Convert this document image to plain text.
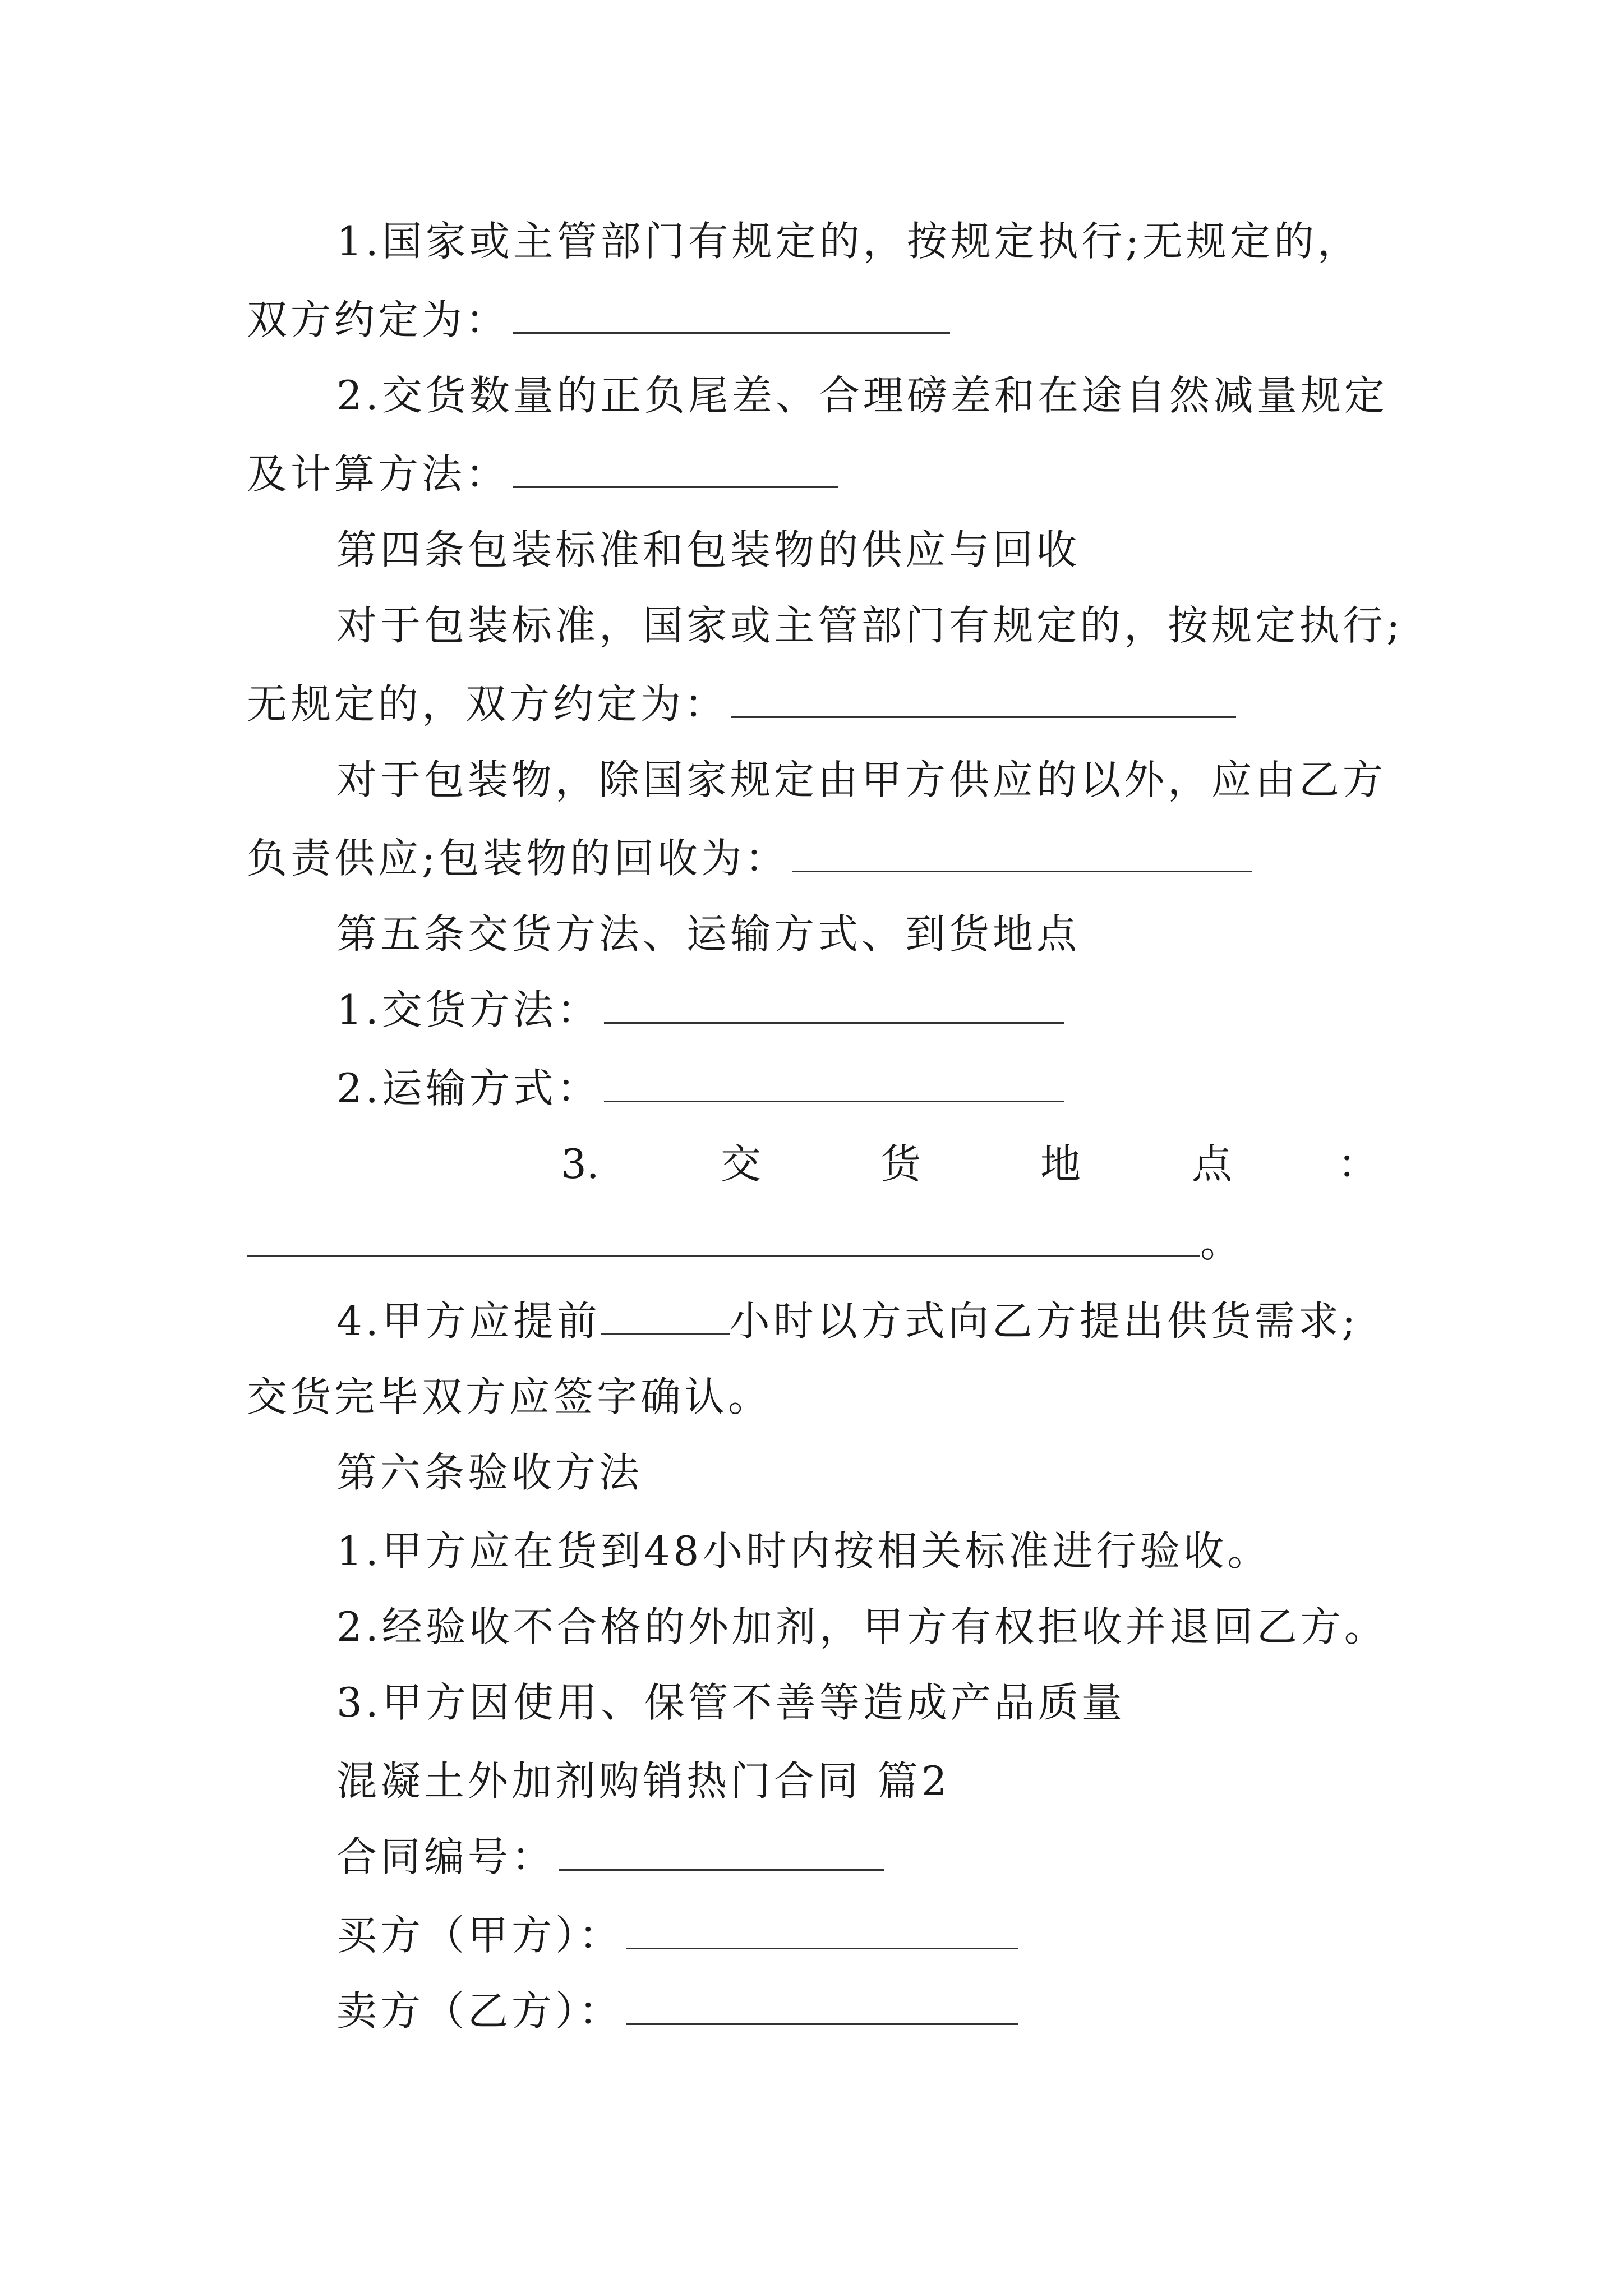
1.国家或主管部门有规定的，按规定执行;无规定的，
双方约定为：
2.交货数量的正负尾差、合理磅差和在途自然减量规定
及计算方法：
第四条包装标准和包装物的供应与回收
对于包装标准，国家或主管部门有规定的，按规定执行;
无规定的，双方约定为：
对于包装物，除国家规定由甲方供应的以外，应由乙方
负责供应;包装物的回收为：
第五条交货方法、运输方式、到货地点
1.交货方法：
2.运输方式：
3.	交	货	地	点	：
。
4.甲方应提前	小时以方式向乙方提出供货需求;
交货完毕双方应签字确认。
第六条验收方法
1.甲方应在货到48小时内按相关标准进行验收。
2.经验收不合格的外加剂，甲方有权拒收并退回乙方。
3.甲方因使用、保管不善等造成产品质量
混凝土外加剂购销热门合同 篇2
合同编号：
买方（甲方）：
卖方（乙方）：
